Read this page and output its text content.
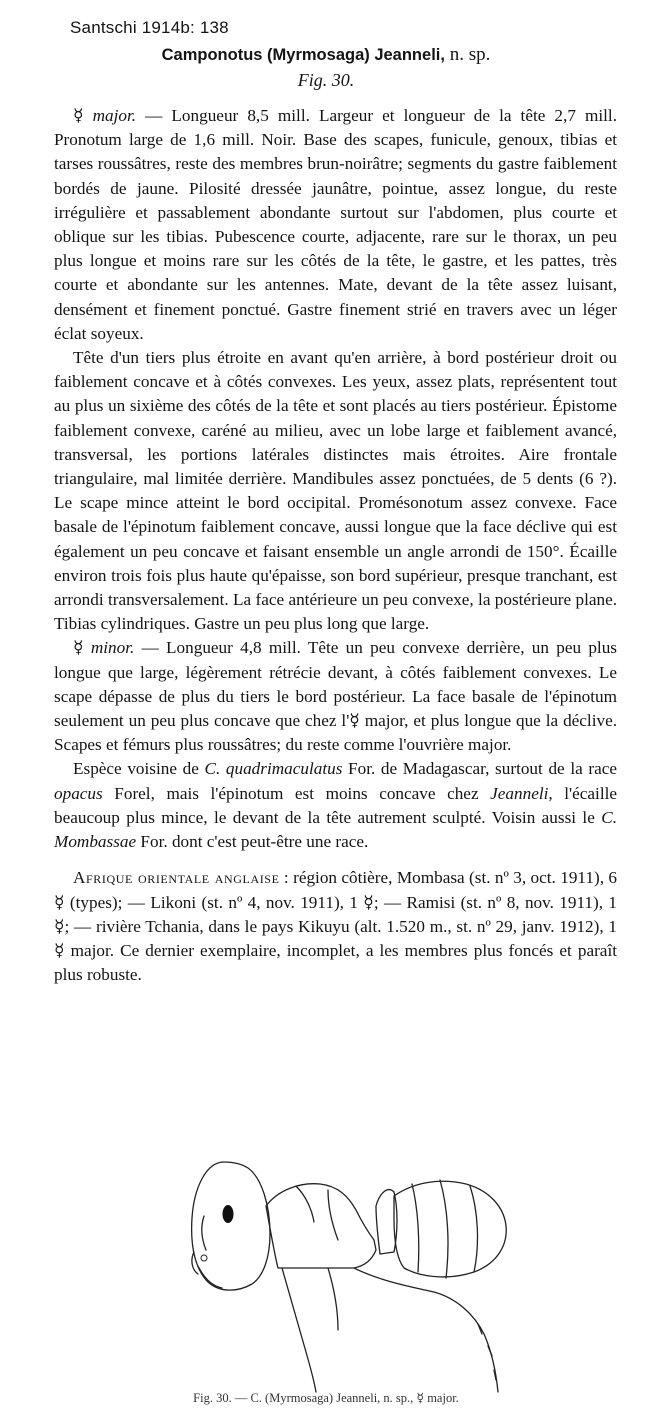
Santschi 1914b: 138
Camponotus (Myrmosaga) Jeanneli, n. sp.
Fig. 30.

☿ major. — Longueur 8,5 mill. Largeur et longueur de la tête 2,7 mill. Pronotum large de 1,6 mill. Noir. Base des scapes, funicule, genoux, tibias et tarses roussâtres, reste des membres brun-noirâtre; segments du gastre faiblement bordés de jaune. Pilosité dressée jaunâtre, pointue, assez longue, du reste irrégulière et passablement abondante surtout sur l'abdomen, plus courte et oblique sur les tibias. Pubescence courte, adjacente, rare sur le thorax, un peu plus longue et moins rare sur les côtés de la tête, le gastre, et les pattes, très courte et abondante sur les antennes. Mate, devant de la tête assez luisant, densément et finement ponctué. Gastre finement strié en travers avec un léger éclat soyeux.

Tête d'un tiers plus étroite en avant qu'en arrière, à bord postérieur droit ou faiblement concave et à côtés convexes. Les yeux, assez plats, représentent tout au plus un sixième des côtés de la tête et sont placés au tiers postérieur. Épistome faiblement convexe, caréné au milieu, avec un lobe large et faiblement avancé, transversal, les portions latérales distinctes mais étroites. Aire frontale triangulaire, mal limitée derrière. Mandibules assez ponctuées, de 5 dents (6 ?). Le scape mince atteint le bord occipital. Promésonotum assez convexe. Face basale de l'épinotum faiblement concave, aussi longue que la face déclive qui est également un peu concave et faisant ensemble un angle arrondi de 150°. Écaille environ trois fois plus haute qu'épaisse, son bord supérieur, presque tranchant, est arrondi transversalement. La face antérieure un peu convexe, la postérieure plane. Tibias cylindriques. Gastre un peu plus long que large.

☿ minor. — Longueur 4,8 mill. Tête un peu convexe derrière, un peu plus longue que large, légèrement rétrécie devant, à côtés faiblement convexes. Le scape dépasse de plus du tiers le bord postérieur. La face basale de l'épinotum seulement un peu plus concave que chez l'☿ major, et plus longue que la déclive. Scapes et fémurs plus roussâtres; du reste comme l'ouvrière major.

Espèce voisine de C. quadrimaculatus For. de Madagascar, surtout de la race opacus Forel, mais l'épinotum est moins concave chez Jeanneli, l'écaille beaucoup plus mince, le devant de la tête autrement sculpté. Voisin aussi le C. Mombassae For. dont c'est peut-être une race.

Afrique orientale anglaise : région côtière, Mombasa (st. nº 3, oct. 1911), 6 ☿ (types); — Likoni (st. nº 4, nov. 1911), 1 ☿; — Ramisi (st. nº 8, nov. 1911), 1 ☿; — rivière Tchania, dans le pays Kikuyu (alt. 1.520 m., st. nº 29, janv. 1912), 1 ☿ major. Ce dernier exemplaire, incomplet, a les membres plus foncés et paraît plus robuste.

Fig. 30. — C. (Myrmosaga) Jeanneli, n. sp., ☿ major.
